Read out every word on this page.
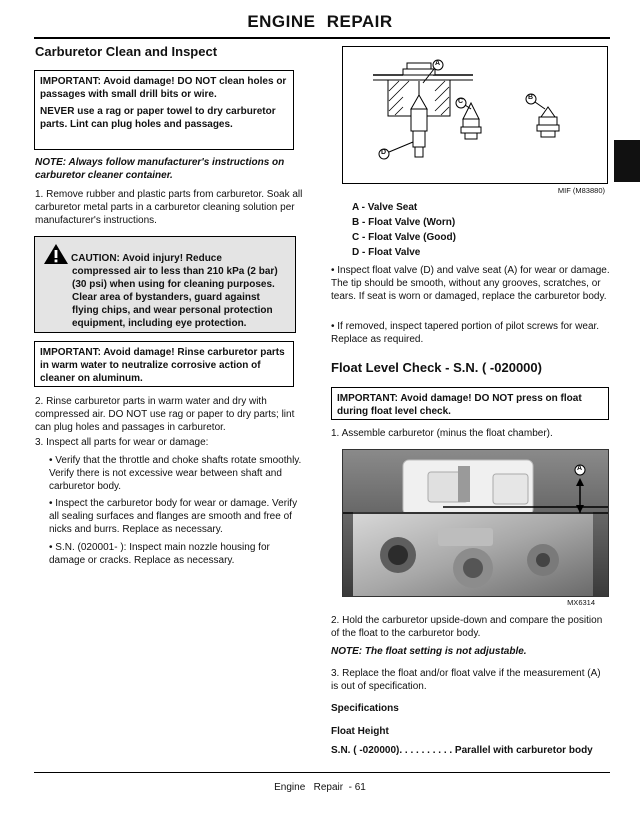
ENGINE REPAIR
Carburetor Clean and Inspect

IMPORTANT: Avoid damage! DO NOT clean holes or passages with small drill bits or wire.

NEVER use a rag or paper towel to dry carburetor parts. Lint can plug holes and passages.

NOTE: Always follow manufacturer's instructions on carburetor cleaner container.
1. Remove rubber and plastic parts from carburetor. Soak all carburetor metal parts in a carburetor cleaning solution per manufacturer's instructions.
CAUTION: Avoid injury! Reduce
compressed air to less than 210 kPa (2 bar) (30 psi) when using for cleaning purposes. Clear area of bystanders, guard against flying chips, and wear personal protection equipment, including eye protection.

IMPORTANT: Avoid damage! Rinse carburetor parts in warm water to neutralize corrosive action of cleaner on aluminum.

2. Rinse carburetor parts in warm water and dry with compressed air. DO NOT use rag or paper to dry parts; lint can plug holes and passages in carburetor.
3. Inspect all parts for wear or damage:
• Verify that the throttle and choke shafts rotate smoothly. Verify there is not excessive wear between shaft and carburetor body.
• Inspect the carburetor body for wear or damage. Verify all sealing surfaces and flanges are smooth and free of nicks and burrs. Replace as necessary.
• S.N. (020001- ): Inspect main nozzle housing for damage or cracks. Replace as necessary.
A
C
B
D
MIF (M83880)
A - Valve Seat
B - Float Valve (Worn)
C - Float Valve (Good)
D - Float Valve
• Inspect float valve (D) and valve seat (A) for wear or damage. The tip should be smooth, without any grooves, scratches, or tears. If seat is worn or damaged, replace the carburetor body.
• If removed, inspect tapered portion of pilot screws for wear. Replace as required.
Float Level Check - S.N. ( -020000)

IMPORTANT: Avoid damage! DO NOT press on float during float level check.

1. Assemble carburetor (minus the float chamber).
A
MX6314
2. Hold the carburetor upside-down and compare the position of the float to the carburetor body.
NOTE: The float setting is not adjustable.
3. Replace the float and/or float valve if the measurement (A) is out of specification.
Specifications
Float Height
S.N. ( -020000). . . . . . . . . . Parallel with carburetor body
Engine   Repair  - 61
